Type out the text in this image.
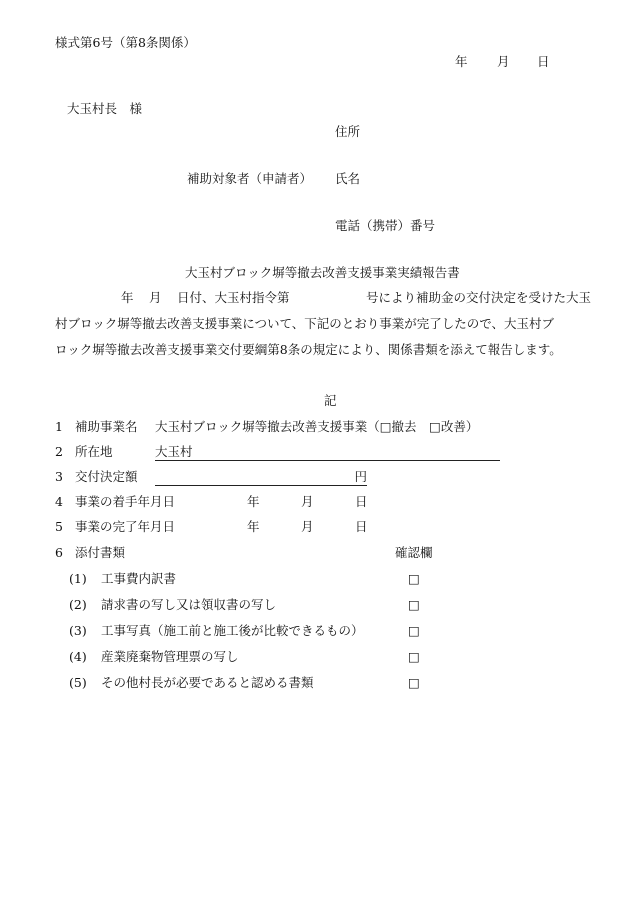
様式第6号（第8条関係）
年 月 日
大玉村長　様
住所
補助対象者（申請者） 氏名
電話（携帯）番号
大玉村ブロック塀等撤去改善支援事業実績報告書
年 月 日付、大玉村指令第	号により補助金の交付決定を受けた大玉
村ブロック塀等撤去改善支援事業について、下記のとおり事業が完了したので、大玉村ブ
ロック塀等撤去改善支援事業交付要綱第8条の規定により、関係書類を添えて報告します。
記
1 補助事業名 大玉村ブロック塀等撤去改善支援事業（□撤去　□改善）
2 所在地	大玉村
3 交付決定額	円
4 事業の着手年月日	年	月	日
5 事業の完了年月日	年	月	日
6 添付書類	確認欄
(1) 工事費内訳書	□
(2) 請求書の写し又は領収書の写し	□
(3) 工事写真（施工前と施工後が比較できるもの）	□
(4) 産業廃棄物管理票の写し	□
(5) その他村長が必要であると認める書類	□
